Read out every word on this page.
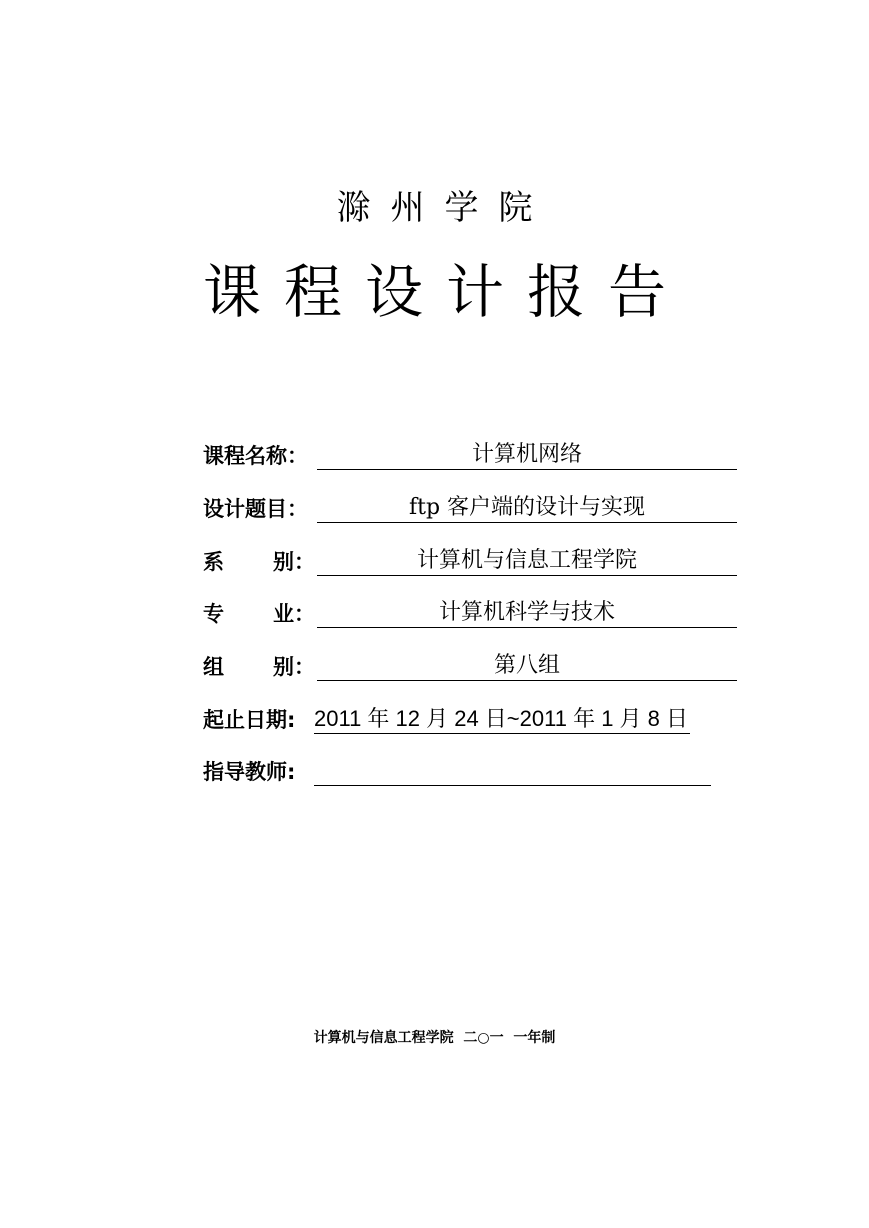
滁州学院
课程设计报告
课程名称：	计算机网络
设计题目：	ftp 客户端的设计与实现
系 别：	计算机与信息工程学院
专 业：	计算机科学与技术
组 别：	第八组
起止日期: 2011 年 12 月 24 日~2011 年 1 月 8 日
指导教师:
计算机与信息工程学院  二○一  一年制
